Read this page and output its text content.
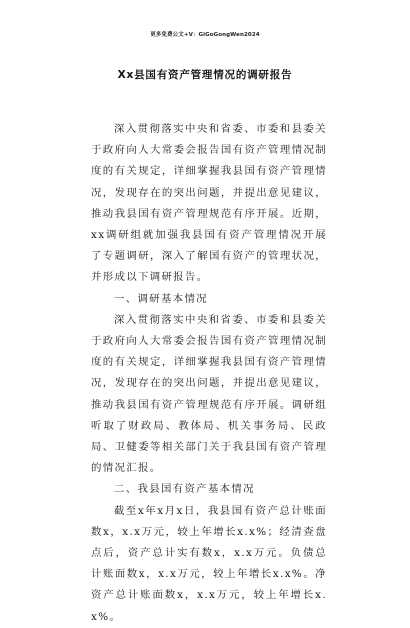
更多免费公文+V：GiGoGongWen2024
Xx县国有资产管理情况的调研报告

深入贯彻落实中央和省委、市委和县委关于政府向人大常委会报告国有资产管理情况制度的有关规定，详细掌握我县国有资产管理情况，发现存在的突出问题，并提出意见建议，推动我县国有资产管理规范有序开展。近期，xx调研组就加强我县国有资产管理情况开展了专题调研，深入了解国有资产的管理状况，并形成以下调研报告。

一、调研基本情况

深入贯彻落实中央和省委、市委和县委关于政府向人大常委会报告国有资产管理情况制度的有关规定，详细掌握我县国有资产管理情况，发现存在的突出问题，并提出意见建议，推动我县国有资产管理规范有序开展。调研组听取了财政局、教体局、机关事务局、民政局、卫健委等相关部门关于我县国有资产管理的情况汇报。

二、我县国有资产基本情况

截至x年x月x日，我县国有资产总计账面数x，x.x万元，较上年增长x.x%；经清查盘点后，资产总计实有数x，x.x万元。负债总计账面数x，x.x万元，较上年增长x.x%。净资产总计账面数x，x.x万元，较上年增长x.x%。
